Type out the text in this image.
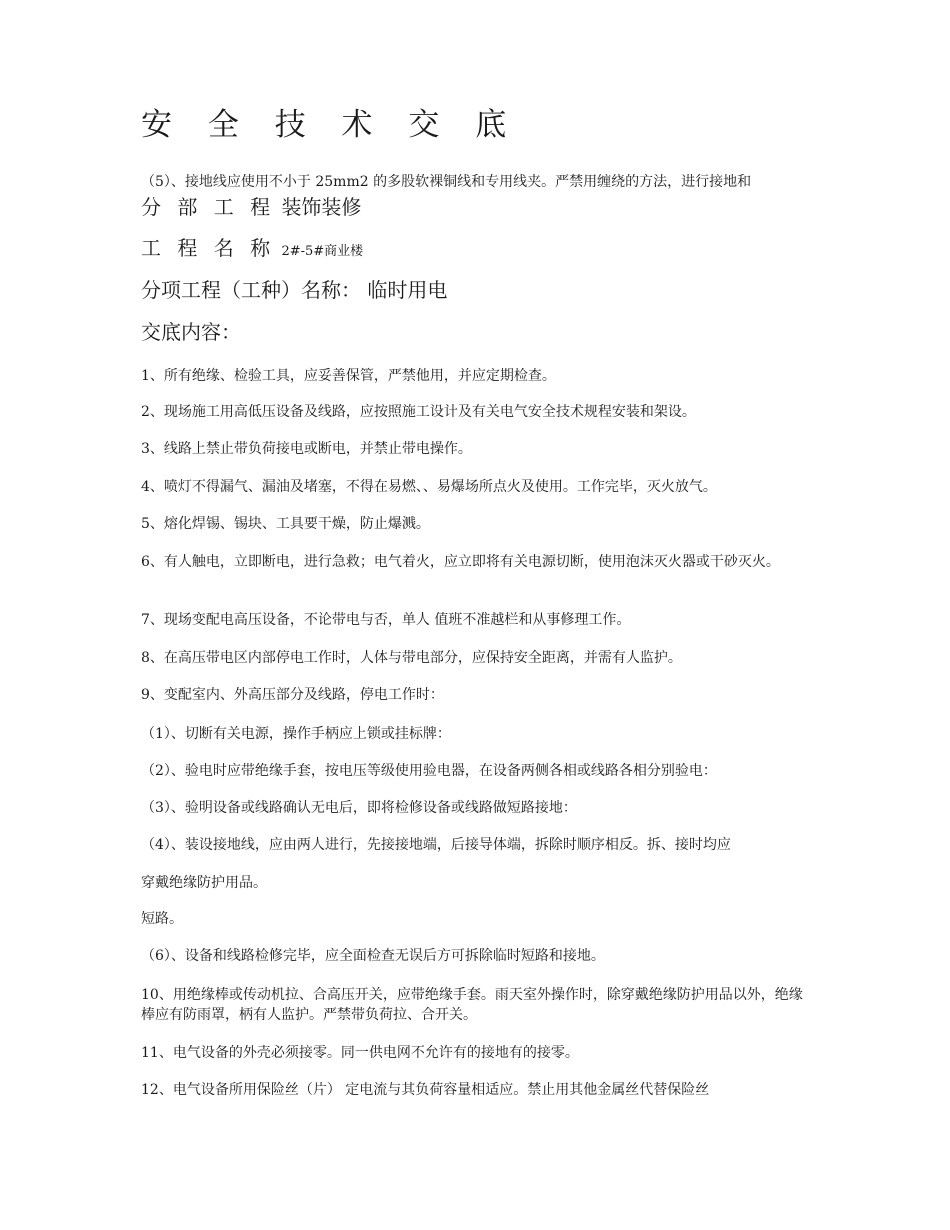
安 全 技 术 交 底
（5）、接地线应使用不小于 25mm2 的多股软裸铜线和专用线夹。严禁用缠绕的方法，进行接地和
分 部 工 程 装饰装修
工 程 名 称 2#-5#商业楼
分项工程（工种）名称： 临时用电
交底内容：
1、所有绝缘、检验工具，应妥善保管，严禁他用，并应定期检查。
2、现场施工用高低压设备及线路，应按照施工设计及有关电气安全技术规程安装和架设。
3、线路上禁止带负荷接电或断电，并禁止带电操作。
4、喷灯不得漏气、漏油及堵塞，不得在易燃、、易爆场所点火及使用。工作完毕，灭火放气。
5、熔化焊锡、锡块、工具要干燥，防止爆溅。
6、有人触电，立即断电，进行急救；电气着火，应立即将有关电源切断，使用泡沫灭火器或干砂灭火。
7、现场变配电高压设备，不论带电与否，单人 值班不准越栏和从事修理工作。
8、在高压带电区内部停电工作时，人体与带电部分，应保持安全距离，并需有人监护。
9、变配室内、外高压部分及线路，停电工作时：
（1）、切断有关电源，操作手柄应上锁或挂标牌：
（2）、验电时应带绝缘手套，按电压等级使用验电器，在设备两侧各相或线路各相分别验电：
（3）、验明设备或线路确认无电后，即将检修设备或线路做短路接地：
（4）、装设接地线，应由两人进行，先接接地端，后接导体端，拆除时顺序相反。拆、接时均应
穿戴绝缘防护用品。
短路。
（6）、设备和线路检修完毕，应全面检查无误后方可拆除临时短路和接地。
10、用绝缘棒或传动机拉、合高压开关，应带绝缘手套。雨天室外操作时，除穿戴绝缘防护用品以外，绝缘棒应有防雨罩，柄有人监护。严禁带负荷拉、合开关。
11、电气设备的外壳必须接零。同一供电网不允许有的接地有的接零。
12、电气设备所用保险丝（片） 定电流与其负荷容量相适应。禁止用其他金属丝代替保险丝
